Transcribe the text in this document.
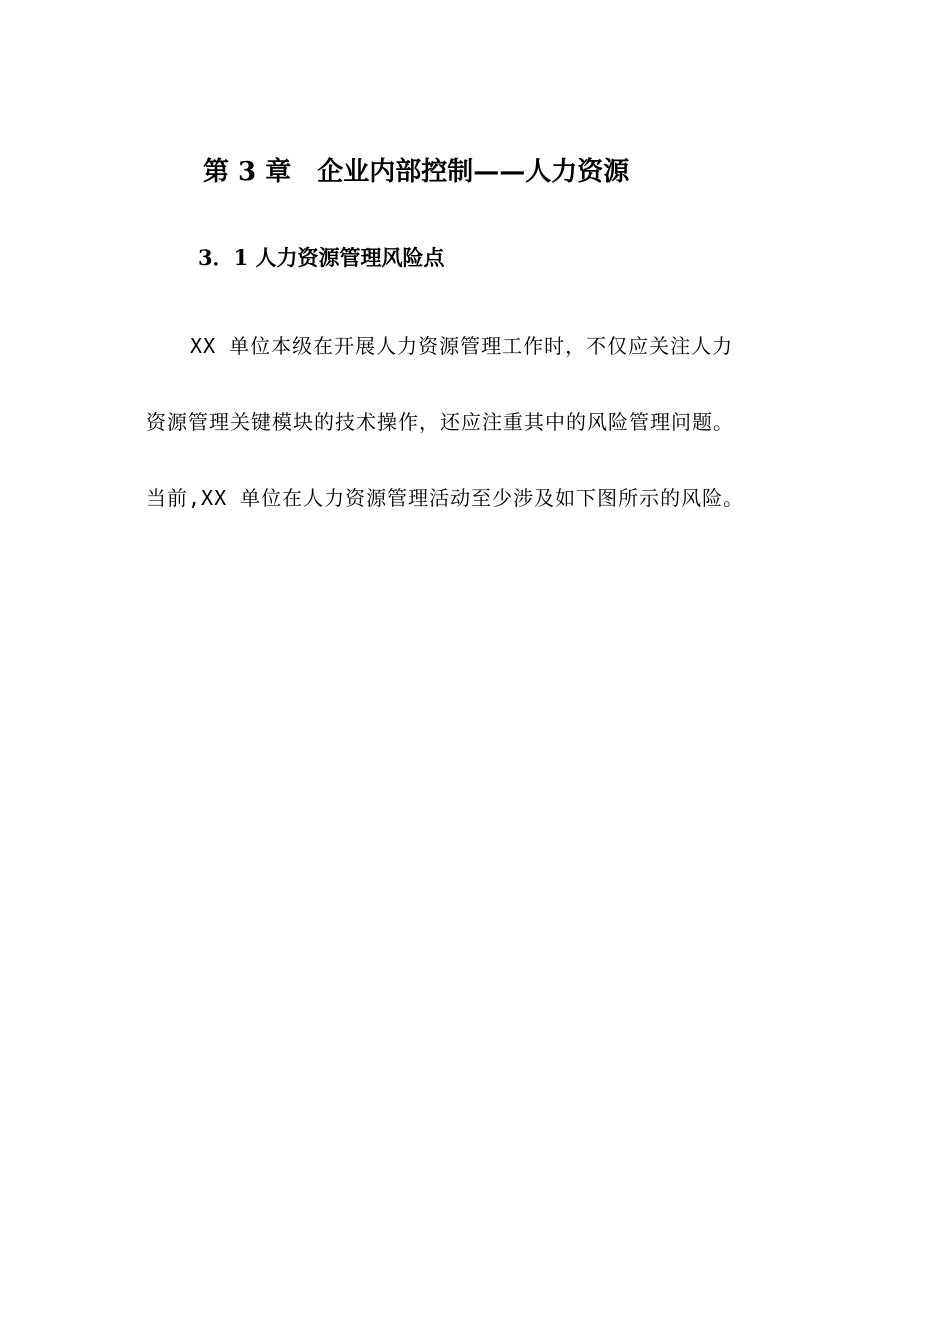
第 3 章 企业内部控制——人力资源
3．1 人力资源管理风险点

XX 单位本级在开展人力资源管理工作时，不仅应关注人力

资源管理关键模块的技术操作，还应注重其中的风险管理问题。

当前,XX 单位在人力资源管理活动至少涉及如下图所示的风险。
